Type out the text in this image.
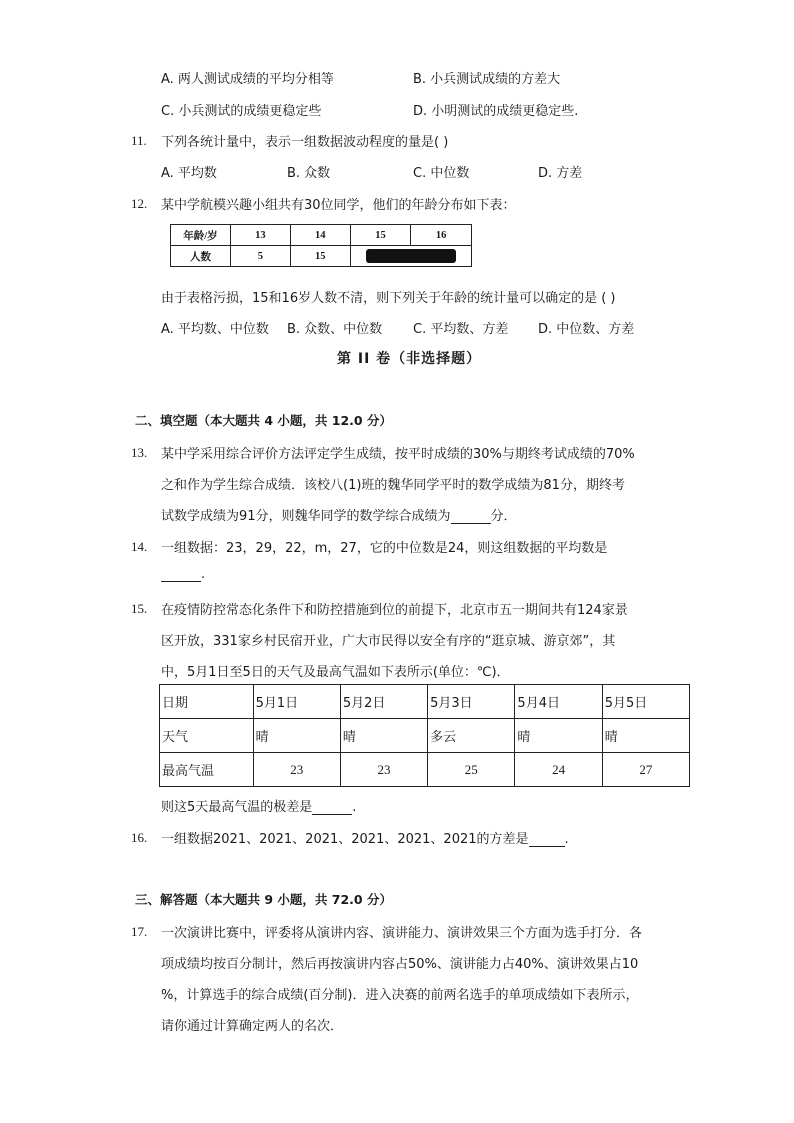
A. 两人测试成绩的平均分相等	B. 小兵测试成绩的方差大
C. 小兵测试的成绩更稳定些	D. 小明测试的成绩更稳定些.
11. 下列各统计量中，表示一组数据波动程度的量是( )
A. 平均数	B. 众数	C. 中位数	D. 方差
12. 某中学航模兴趣小组共有30位同学，他们的年龄分布如下表：
年龄/岁	13	14	15	16
人数	5	15		
由于表格污损，15和16岁人数不清，则下列关于年龄的统计量可以确定的是 ( )
A. 平均数、中位数 B. 众数、中位数 C. 平均数、方差 D. 中位数、方差
第 II 卷（非选择题）
二、填空题（本大题共 4 小题，共 12.0 分）
13. 某中学采用综合评价方法评定学生成绩，按平时成绩的30%与期终考试成绩的70%
之和作为学生综合成绩．该校八(1)班的魏华同学平时的数学成绩为81分，期终考
试数学成绩为91分，则魏华同学的数学综合成绩为	分．
14. 一组数据：23，29，22，m，27，它的中位数是24，则这组数据的平均数是
.
15. 在疫情防控常态化条件下和防控措施到位的前提下，北京市五一期间共有124家景
区开放，331家乡村民宿开业，广大市民得以安全有序的“逛京城、游京郊”，其
中，5月1日至5日的天气及最高气温如下表所示(单位：℃)．
日期	5月1日	5月2日	5月3日	5月4日	5月5日
天气	晴	晴	多云	晴	晴
最高气温	23	23	25	24	27
则这5天最高气温的极差是	.
16. 一组数据2021、2021、2021、2021、2021、2021的方差是	.
三、解答题（本大题共 9 小题，共 72.0 分）
17. 一次演讲比赛中，评委将从演讲内容、演讲能力、演讲效果三个方面为选手打分．各
项成绩均按百分制计，然后再按演讲内容占50%、演讲能力占40%、演讲效果占10
%，计算选手的综合成绩(百分制)．进入决赛的前两名选手的单项成绩如下表所示，
请你通过计算确定两人的名次．
